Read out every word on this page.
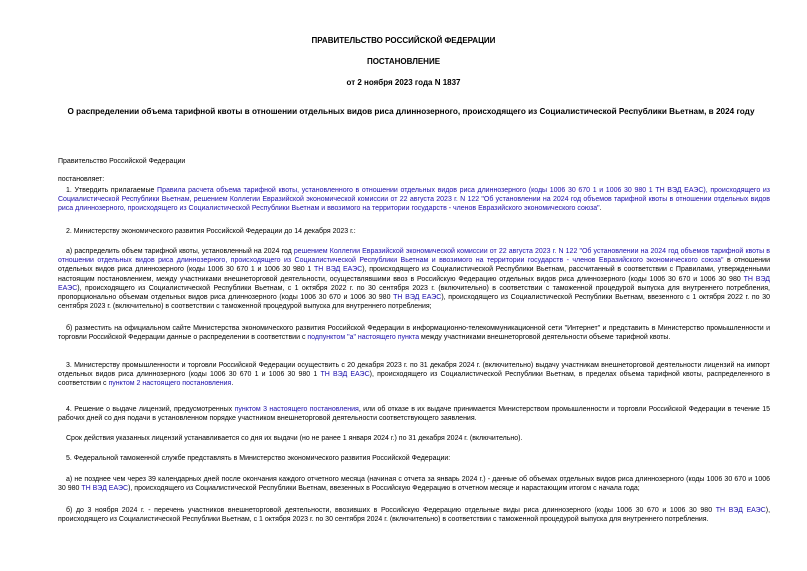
ПРАВИТЕЛЬСТВО РОССИЙСКОЙ ФЕДЕРАЦИИ
ПОСТАНОВЛЕНИЕ
от 2 ноября 2023 года N 1837
О распределении объема тарифной квоты в отношении отдельных видов риса длиннозерного, происходящего из Социалистической Республики Вьетнам, в 2024 году
Правительство Российской Федерации
постановляет:
1. Утвердить прилагаемые Правила расчета объема тарифной квоты, установленного в отношении отдельных видов риса длиннозерного (коды 1006 30 670 1 и 1006 30 980 1 ТН ВЭД ЕАЭС), происходящего из Социалистической Республики Вьетнам, решением Коллегии Евразийской экономической комиссии от 22 августа 2023 г. N 122 "Об установлении на 2024 год объемов тарифной квоты в отношении отдельных видов риса длиннозерного, происходящего из Социалистической Республики Вьетнам и ввозимого на территории государств - членов Евразийского экономического союза".
2. Министерству экономического развития Российской Федерации до 14 декабря 2023 г.:
а) распределить объем тарифной квоты, установленный на 2024 год решением Коллегии Евразийской экономической комиссии от 22 августа 2023 г. N 122 "Об установлении на 2024 год объемов тарифной квоты в отношении отдельных видов риса длиннозерного, происходящего из Социалистической Республики Вьетнам и ввозимого на территории государств - членов Евразийского экономического союза" в отношении отдельных видов риса длиннозерного (коды 1006 30 670 1 и 1006 30 980 1 ТН ВЭД ЕАЭС), происходящего из Социалистической Республики Вьетнам, рассчитанный в соответствии с Правилами, утвержденными настоящим постановлением, между участниками внешнеторговой деятельности, осуществлявшими ввоз в Российскую Федерацию отдельных видов риса длиннозерного (коды 1006 30 670 и 1006 30 980 ТН ВЭД ЕАЭС), происходящего из Социалистической Республики Вьетнам, с 1 октября 2022 г. по 30 сентября 2023 г. (включительно) в соответствии с таможенной процедурой выпуска для внутреннего потребления, пропорционально объемам отдельных видов риса длиннозерного (коды 1006 30 670 и 1006 30 980 ТН ВЭД ЕАЭС), происходящего из Социалистической Республики Вьетнам, ввезенного с 1 октября 2022 г. по 30 сентября 2023 г. (включительно) в соответствии с таможенной процедурой выпуска для внутреннего потребления;
б) разместить на официальном сайте Министерства экономического развития Российской Федерации в информационно-телекоммуникационной сети "Интернет" и представить в Министерство промышленности и торговли Российской Федерации данные о распределении в соответствии с подпунктом "а" настоящего пункта между участниками внешнеторговой деятельности объеме тарифной квоты.
3. Министерству промышленности и торговли Российской Федерации осуществить с 20 декабря 2023 г. по 31 декабря 2024 г. (включительно) выдачу участникам внешнеторговой деятельности лицензий на импорт отдельных видов риса длиннозерного (коды 1006 30 670 1 и 1006 30 980 1 ТН ВЭД ЕАЭС), происходящего из Социалистической Республики Вьетнам, в пределах объема тарифной квоты, распределенного в соответствии с пунктом 2 настоящего постановления.
4. Решение о выдаче лицензий, предусмотренных пунктом 3 настоящего постановления, или об отказе в их выдаче принимается Министерством промышленности и торговли Российской Федерации в течение 15 рабочих дней со дня подачи в установленном порядке участником внешнеторговой деятельности соответствующего заявления.
Срок действия указанных лицензий устанавливается со дня их выдачи (но не ранее 1 января 2024 г.) по 31 декабря 2024 г. (включительно).
5. Федеральной таможенной службе представлять в Министерство экономического развития Российской Федерации:
а) не позднее чем через 39 календарных дней после окончания каждого отчетного месяца (начиная с отчета за январь 2024 г.) - данные об объемах отдельных видов риса длиннозерного (коды 1006 30 670 и 1006 30 980 ТН ВЭД ЕАЭС), происходящего из Социалистической Республики Вьетнам, ввезенных в Российскую Федерацию в отчетном месяце и нарастающим итогом с начала года;
б) до 3 ноября 2024 г. - перечень участников внешнеторговой деятельности, ввозивших в Российскую Федерацию отдельные виды риса длиннозерного (коды 1006 30 670 и 1006 30 980 ТН ВЭД ЕАЭС), происходящего из Социалистической Республики Вьетнам, с 1 октября 2023 г. по 30 сентября 2024 г. (включительно) в соответствии с таможенной процедурой выпуска для внутреннего потребления.
